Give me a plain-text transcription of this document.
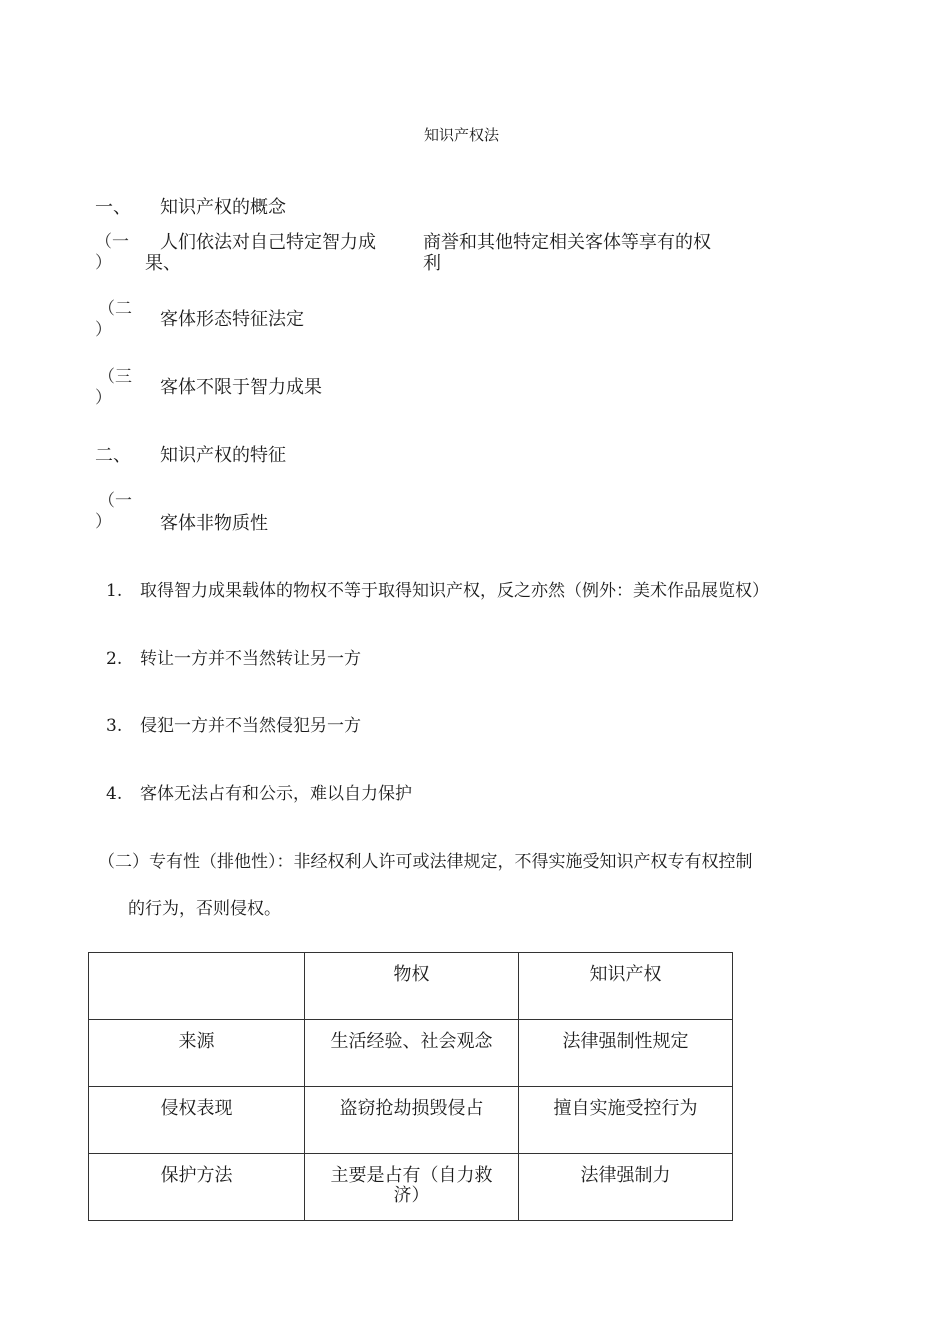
知识产权法
一、 知识产权的概念
（一
）
人们依法对自己特定智力成
果、
商誉和其他特定相关客体等享有的权
利
（二
）	客体形态特征法定
（三
）	客体不限于智力成果
二、 知识产权的特征
（一
）	客体非物质性
1. 取得智力成果载体的物权不等于取得知识产权，反之亦然（例外：美术作品展览权）
2. 转让一方并不当然转让另一方
3. 侵犯一方并不当然侵犯另一方
4. 客体无法占有和公示，难以自力保护
（二）专有性（排他性）：非经权利人许可或法律规定，不得实施受知识产权专有权控制
的行为，否则侵权。
	物权	知识产权
来源	生活经验、社会观念	法律强制性规定
侵权表现	盗窃抢劫损毁侵占	擅自实施受控行为
保护方法	主要是占有（自力救济）	法律强制力
